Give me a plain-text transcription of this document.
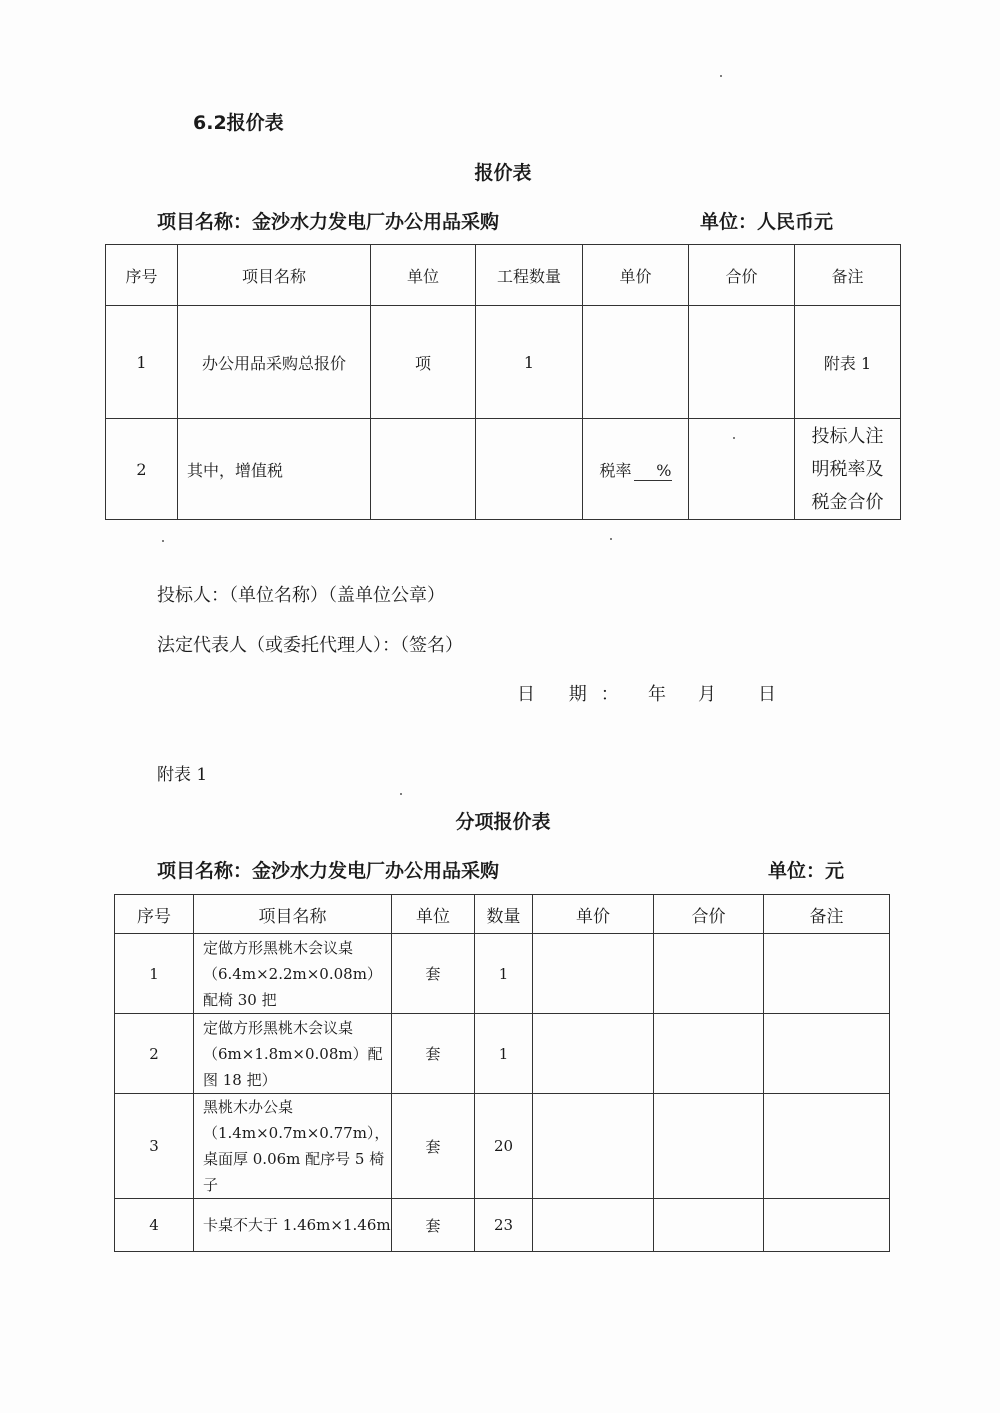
6.2报价表
报价表
项目名称：金沙水力发电厂办公用品采购	单位：人民币元
序号	项目名称	单位	工程数量	单价	合价	备注
1	办公用品采购总报价	项	1			附表 1
2	其中，增值税			税率 %		投标人注
明税率及
税金合价
投标人：（单位名称）（盖单位公章）
法定代表人（或委托代理人）：（签名）
日 期： 年 月 日
附表 1
分项报价表
项目名称：金沙水力发电厂办公用品采购	单位：元
序号	项目名称	单位	数量	单价	合价	备注
1	定做方形黑桃木会议桌（6.4m×2.2m×0.08m）配椅 30 把	套	1			
2	定做方形黑桃木会议桌（6m×1.8m×0.08m）配图 18 把）	套	1			
3	黑桃木办公桌（1.4m×0.7m×0.77m），桌面厚 0.06m 配序号 5 椅子	套	20			
4	卡桌不大于 1.46m×1.46m	套	23			
